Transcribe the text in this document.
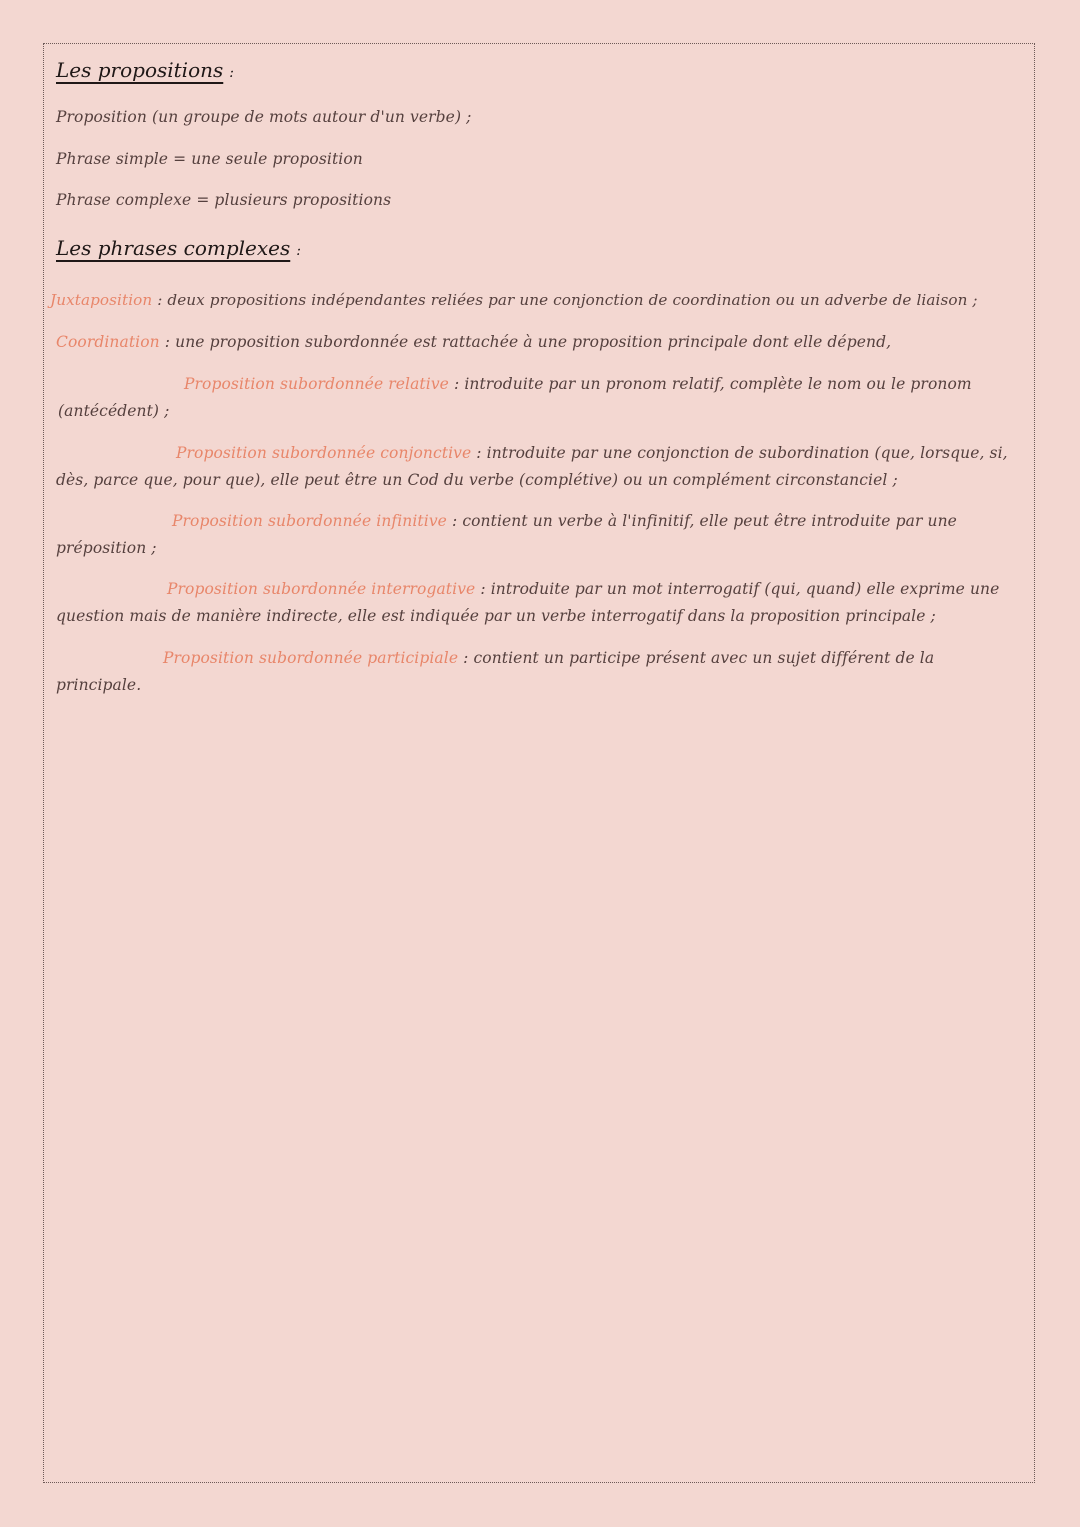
Les propositions :
Proposition (un groupe de mots autour d'un verbe) ;
Phrase simple = une seule proposition
Phrase complexe = plusieurs propositions
Les phrases complexes :
Juxtaposition : deux propositions indépendantes reliées par une conjonction de coordination ou un adverbe de liaison ;
Coordination : une proposition subordonnée est rattachée à une proposition principale dont elle dépend,
Proposition subordonnée relative : introduite par un pronom relatif, complète le nom ou le pronom (antécédent) ;
Proposition subordonnée conjonctive : introduite par une conjonction de subordination (que, lorsque, si, dès, parce que, pour que), elle peut être un Cod du verbe (complétive) ou un complément circonstanciel ;
Proposition subordonnée infinitive : contient un verbe à l'infinitif, elle peut être introduite par une préposition ;
Proposition subordonnée interrogative : introduite par un mot interrogatif (qui, quand) elle exprime une question mais de manière indirecte, elle est indiquée par un verbe interrogatif dans la proposition principale ;
Proposition subordonnée participiale : contient un participe présent avec un sujet différent de la principale.
